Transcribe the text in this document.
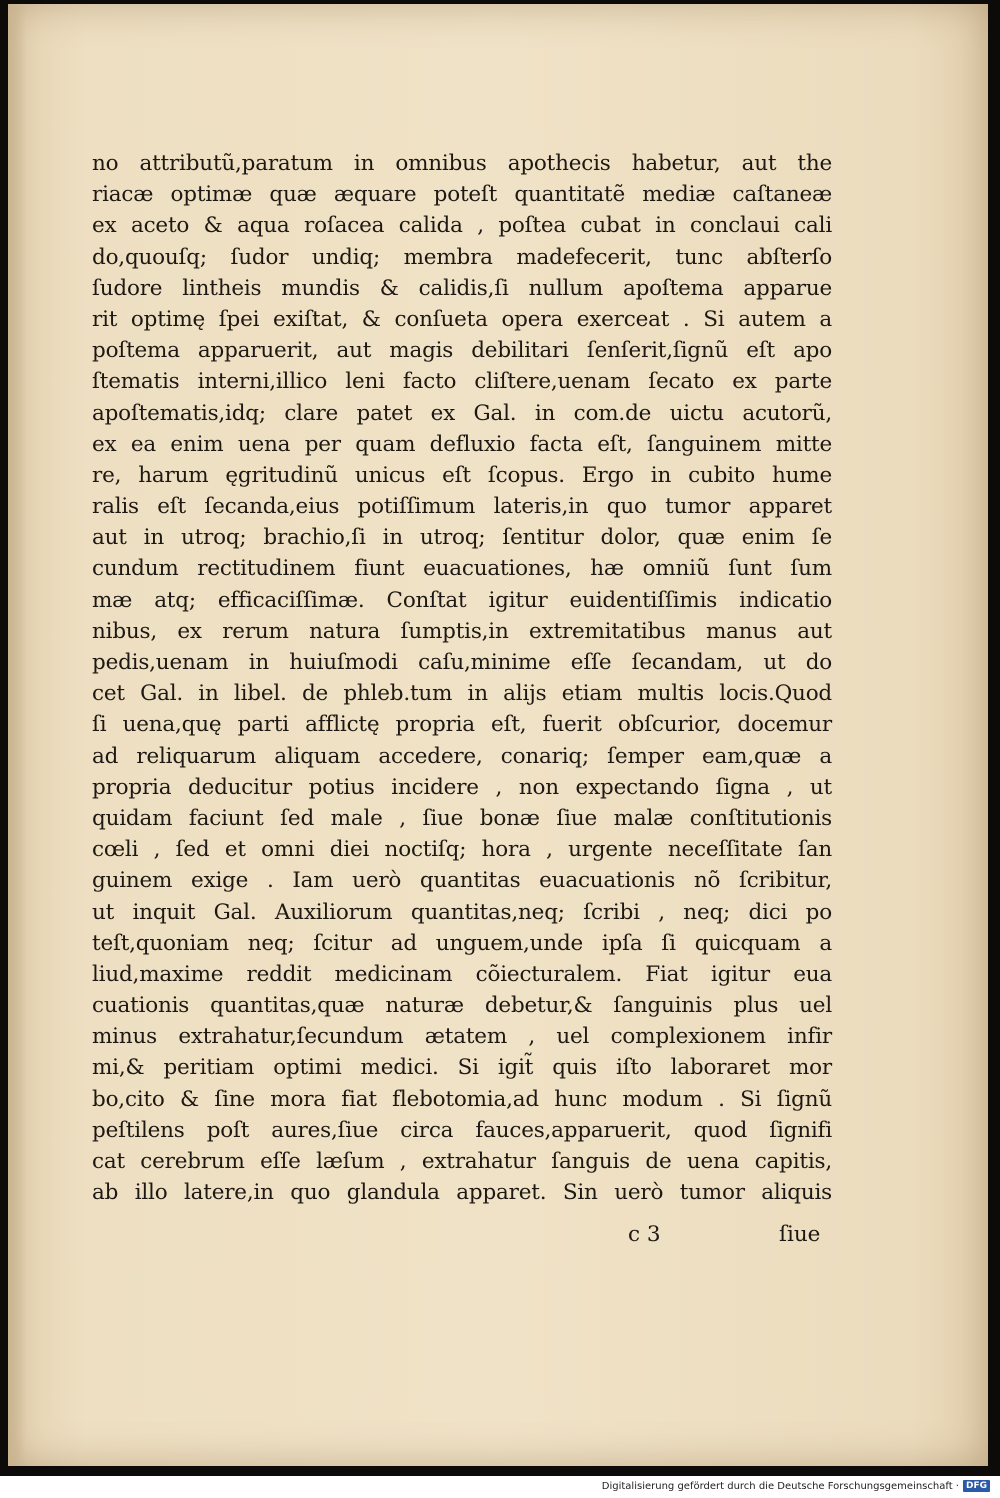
no attributũ,paratum in omnibus apothecis habetur, aut the
riacæ optimæ quæ æquare poteſt quantitatẽ mediæ caſtaneæ
ex aceto & aqua roſacea calida , poſtea cubat in conclaui cali
do,quouſq; ſudor undiq; membra madefecerit, tunc abſterſo
ſudore lintheis mundis & calidis,ſi nullum apoſtema apparue
rit optimę ſpei exiſtat, & conſueta opera exerceat . Si autem a
poſtema apparuerit, aut magis debilitari ſenſerit,ſignũ eſt apo
ſtematis interni,illico leni facto cliſtere,uenam ſecato ex parte
apoſtematis,idq; clare patet ex Gal. in com.de uictu acutorũ,
ex ea enim uena per quam defluxio facta eſt, ſanguinem mitte
re, harum ęgritudinũ unicus eſt ſcopus. Ergo in cubito hume
ralis eſt ſecanda,eius potiſſimum lateris,in quo tumor apparet
aut in utroq; brachio,ſi in utroq; ſentitur dolor, quæ enim ſe
cundum rectitudinem fiunt euacuationes, hæ omniũ ſunt ſum
mæ atq; efficaciſſimæ. Conſtat igitur euidentiſſimis indicatio
nibus, ex rerum natura ſumptis,in extremitatibus manus aut
pedis,uenam in huiuſmodi caſu,minime eſſe ſecandam, ut do
cet Gal. in libel. de phleb.tum in alijs etiam multis locis.Quod
ſi uena,quę parti afflictę propria eſt, fuerit obſcurior, docemur
ad reliquarum aliquam accedere, conariq; ſemper eam,quæ a
propria deducitur potius incidere , non expectando ſigna , ut
quidam faciunt ſed male , ſiue bonæ ſiue malæ conſtitutionis
cœli , ſed et omni diei noctiſq; hora , urgente neceſſitate ſan
guinem exige . Iam uerò quantitas euacuationis nõ ſcribitur,
ut inquit Gal. Auxiliorum quantitas,neq; ſcribi , neq; dici po
teſt,quoniam neq; ſcitur ad unguem,unde ipſa ſi quicquam a
liud,maxime reddit medicinam cõiecturalem. Fiat igitur eua
cuationis quantitas,quæ naturæ debetur,& ſanguinis plus uel
minus extrahatur,ſecundum ætatem , uel complexionem infir
mi,& peritiam optimi medici. Si igit̃ quis iſto laboraret mor
bo,cito & ſine mora fiat flebotomia,ad hunc modum . Si ſignũ
peſtilens poſt aures,ſiue circa fauces,apparuerit, quod ſignifi
cat cerebrum eſſe læſum , extrahatur ſanguis de uena capitis,
ab illo latere,in quo glandula apparet. Sin uerò tumor aliquis
c 3	ſiue
Digitalisierung gefördert durch die Deutsche Forschungsgemeinschaft · DFG
